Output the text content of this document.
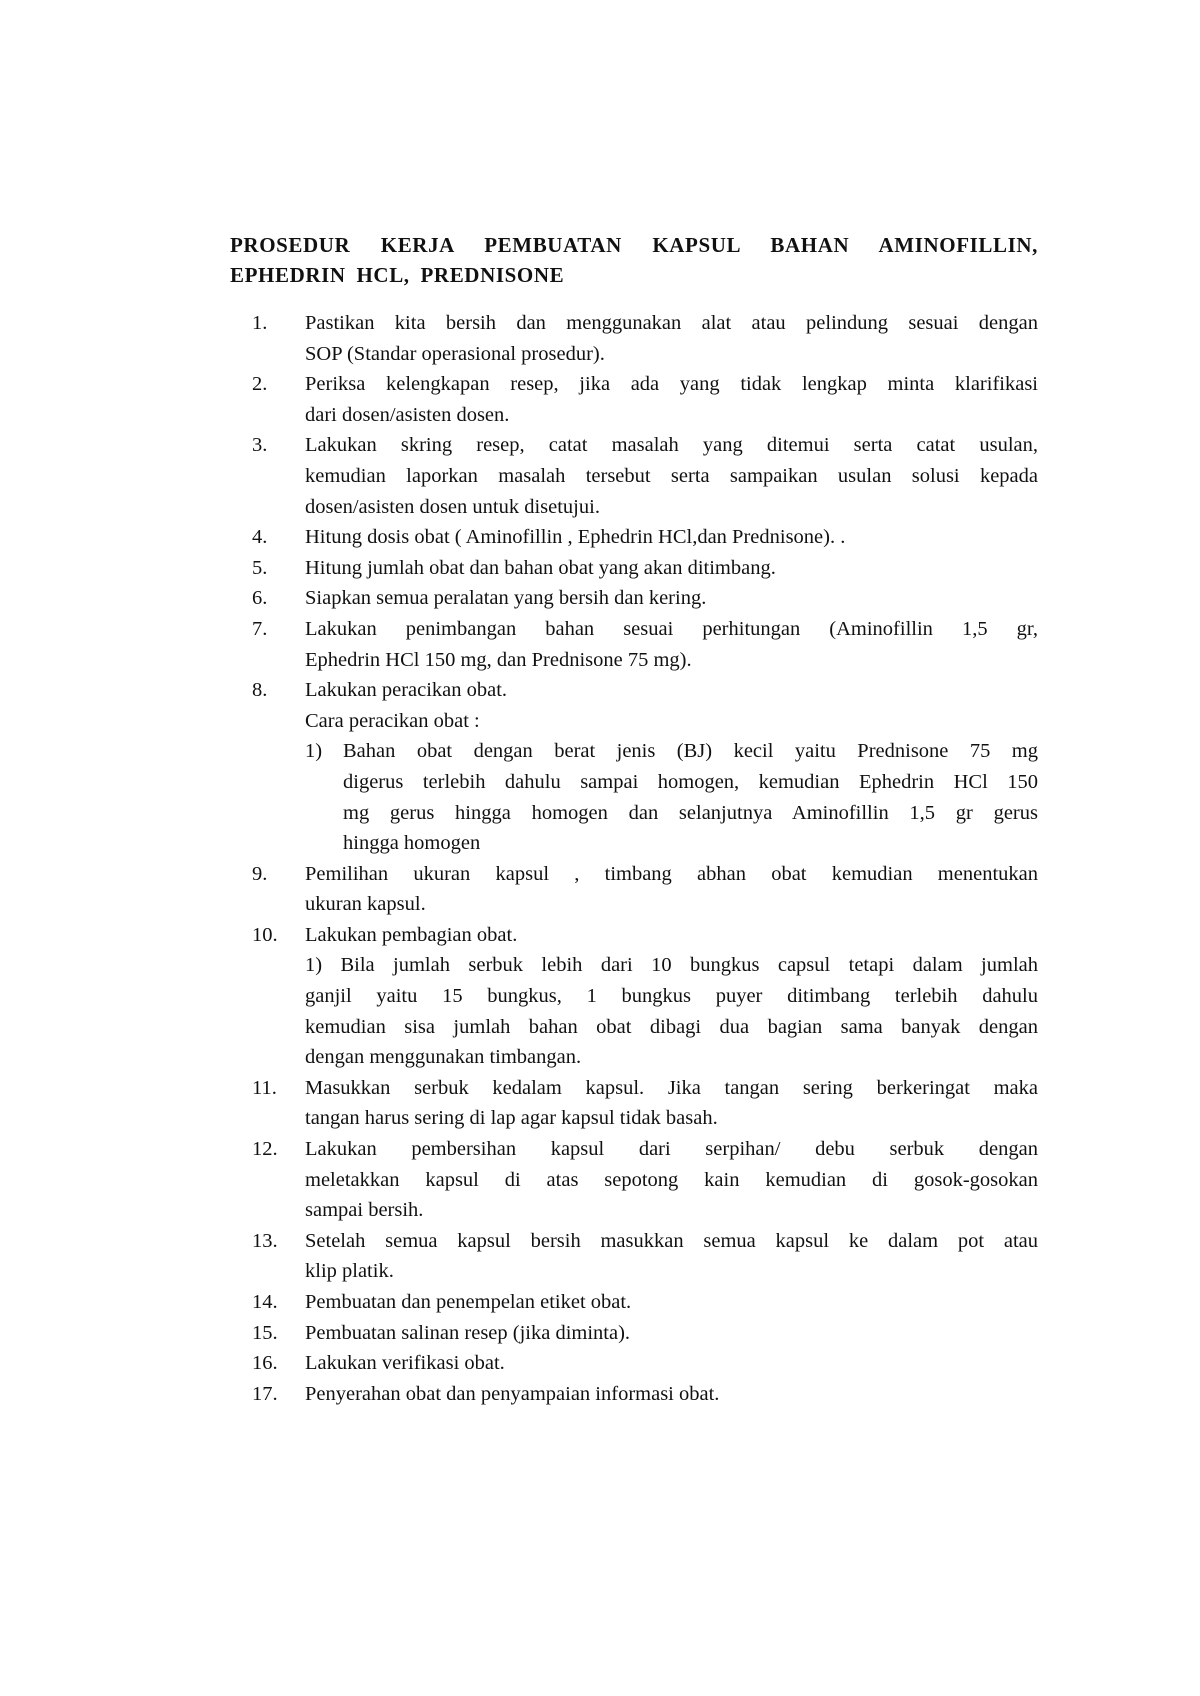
PROSEDUR KERJA PEMBUATAN KAPSUL BAHAN AMINOFILLIN,
EPHEDRIN HCL, PREDNISONE
1. Pastikan kita bersih dan menggunakan alat atau pelindung sesuai dengan
SOP (Standar operasional prosedur).
2. Periksa kelengkapan resep, jika ada yang tidak lengkap minta klarifikasi
dari dosen/asisten dosen.
3. Lakukan skring resep, catat masalah yang ditemui serta catat usulan,
kemudian laporkan masalah tersebut serta sampaikan usulan solusi kepada
dosen/asisten dosen untuk disetujui.
4. Hitung dosis obat ( Aminofillin , Ephedrin HCl,dan Prednisone). .
5. Hitung jumlah obat dan bahan obat yang akan ditimbang.
6. Siapkan semua peralatan yang bersih dan kering.
7. Lakukan penimbangan bahan sesuai perhitungan (Aminofillin 1,5 gr,
Ephedrin HCl 150 mg, dan Prednisone 75 mg).
8. Lakukan peracikan obat.
Cara peracikan obat :
1) Bahan obat dengan berat jenis (BJ) kecil yaitu Prednisone 75 mg
digerus terlebih dahulu sampai homogen, kemudian Ephedrin HCl 150
mg gerus hingga homogen dan selanjutnya Aminofillin 1,5 gr gerus
hingga homogen
9. Pemilihan ukuran kapsul , timbang abhan obat kemudian menentukan
ukuran kapsul.
10. Lakukan pembagian obat.
1) Bila jumlah serbuk lebih dari 10 bungkus capsul tetapi dalam jumlah
ganjil yaitu 15 bungkus, 1 bungkus puyer ditimbang terlebih dahulu
kemudian sisa jumlah bahan obat dibagi dua bagian sama banyak dengan
dengan menggunakan timbangan.
11. Masukkan serbuk kedalam kapsul. Jika tangan sering berkeringat maka
tangan harus sering di lap agar kapsul tidak basah.
12. Lakukan pembersihan kapsul dari serpihan/ debu serbuk dengan
meletakkan kapsul di atas sepotong kain kemudian di gosok-gosokan
sampai bersih.
13. Setelah semua kapsul bersih masukkan semua kapsul ke dalam pot atau
klip platik.
14. Pembuatan dan penempelan etiket obat.
15. Pembuatan salinan resep (jika diminta).
16. Lakukan verifikasi obat.
17. Penyerahan obat dan penyampaian informasi obat.
